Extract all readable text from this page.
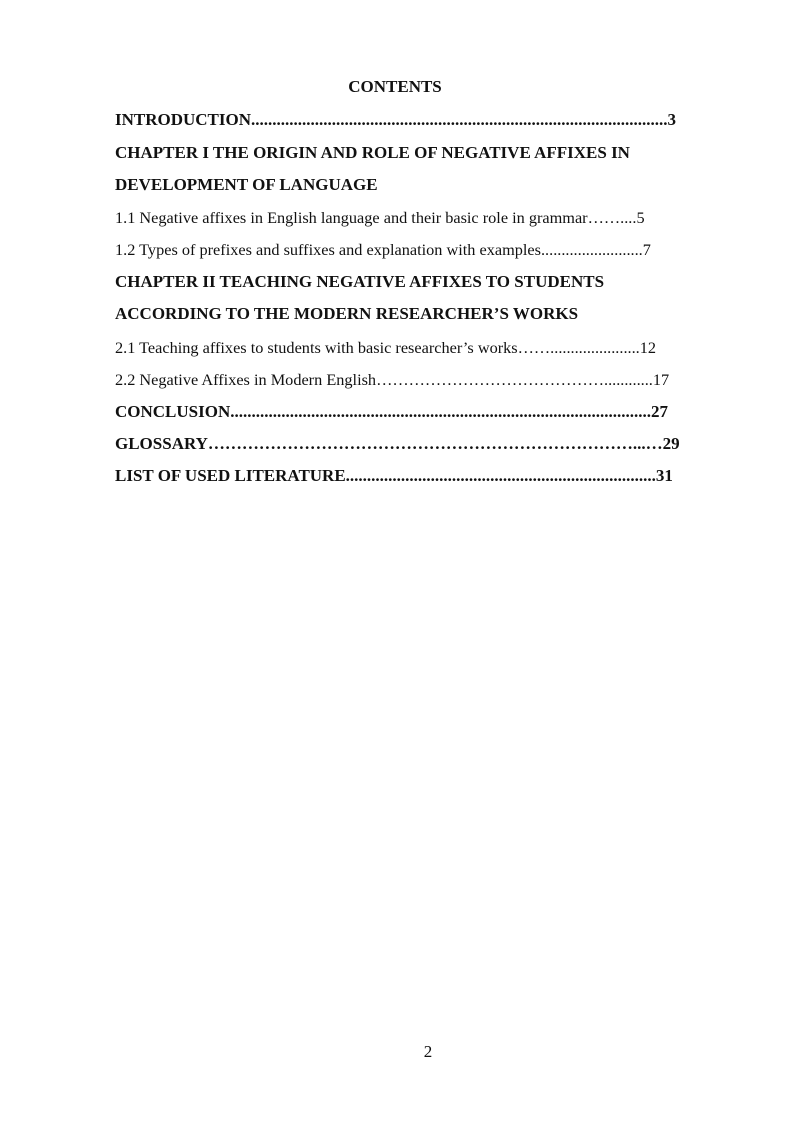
CONTENTS
INTRODUCTION..................................................................................................3
CHAPTER I THE ORIGIN AND ROLE OF NEGATIVE AFFIXES IN
DEVELOPMENT OF LANGUAGE
1.1 Negative affixes in English language and their basic role in grammar……....5
1.2 Types of prefixes and suffixes and explanation with examples.........................7
CHAPTER II TEACHING NEGATIVE AFFIXES TO STUDENTS
ACCORDING TO THE MODERN RESEARCHER’S WORKS
2.1 Teaching affixes to students with basic researcher’s works……......................12
2.2 Negative Affixes in Modern English……………………………………............17
CONCLUSION...................................................................................................27
GLOSSARY…………………………………………………………………...…29
LIST OF USED LITERATURE.........................................................................31
2
